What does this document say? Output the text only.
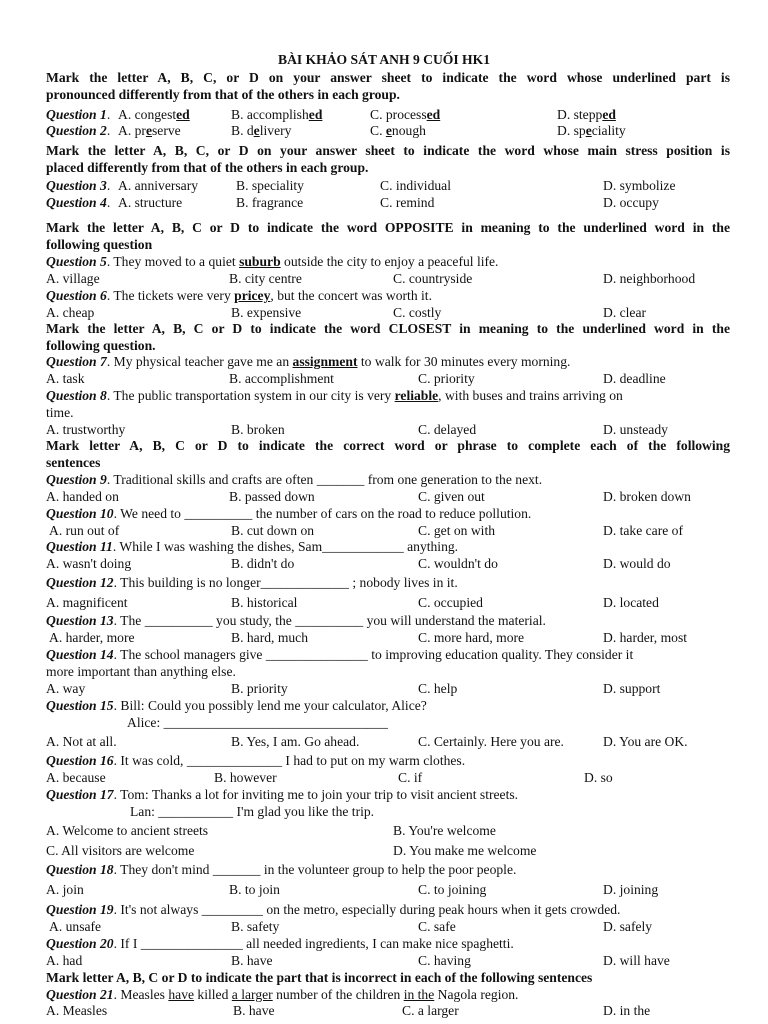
BÀI KHẢO SÁT ANH 9 CUỐI HK1
Mark the letter A, B, C, or D on your answer sheet to indicate the word whose underlined part is
pronounced differently from that of the others in each group.
Question 1. A. congested	B. accomplished	C. processed	D. stepped
Question 2. A. preserve	B. delivery	C. enough	D. speciality
Mark the letter A, B, C, or D on your answer sheet to indicate the word whose main stress position is
placed differently from that of the others in each group.
Question 3. A. anniversary	B. speciality	C. individual	D. symbolize
Question 4. A. structure	B. fragrance	C. remind	D. occupy
Mark the letter A, B, C or D to indicate the word OPPOSITE in meaning to the underlined word in the
following question
Question 5. They moved to a quiet suburb outside the city to enjoy a peaceful life.
A. village	B. city centre	C. countryside	D. neighborhood
Question 6. The tickets were very pricey, but the concert was worth it.
A. cheap	B. expensive	C. costly	D. clear
Mark the letter A, B, C or D to indicate the word CLOSEST in meaning to the underlined word in the
following question.
Question 7. My physical teacher gave me an assignment to walk for 30 minutes every morning.
A. task	B. accomplishment	C. priority	D. deadline
Question 8. The public transportation system in our city is very reliable, with buses and trains arriving on
time.
A. trustworthy	B. broken	C. delayed	D. unsteady
Mark letter A, B, C or D to indicate the correct word or phrase to complete each of the following
sentences
Question 9. Traditional skills and crafts are often _______ from one generation to the next.
A. handed on	B. passed down	C. given out	D. broken down
Question 10. We need to __________ the number of cars on the road to reduce pollution.
A. run out of	B. cut down on	C. get on with	D. take care of
Question 11. While I was washing the dishes, Sam____________ anything.
A. wasn't doing	B. didn't do	C. wouldn't do	D. would do
Question 12. This building is no longer_____________ ; nobody lives in it.
A. magnificent	B. historical	C. occupied	D. located
Question 13. The __________ you study, the __________ you will understand the material.
A. harder, more	B. hard, much	C. more hard, more	D. harder, most
Question 14. The school managers give _______________ to improving education quality. They consider it
more important than anything else.
A. way	B. priority	C. help	D. support
Question 15. Bill: Could you possibly lend me your calculator, Alice?
Alice: _________________________________
A. Not at all.	B. Yes, I am. Go ahead.	C. Certainly. Here you are.	D. You are OK.
Question 16. It was cold, ______________ I had to put on my warm clothes.
A. because	B. however	C. if	D. so
Question 17. Tom: Thanks a lot for inviting me to join your trip to visit ancient streets.
Lan: ___________ I'm glad you like the trip.
A. Welcome to ancient streets	B. You're welcome
C. All visitors are welcome	D. You make me welcome
Question 18. They don't mind _______ in the volunteer group to help the poor people.
A. join	B. to join	C. to joining	D. joining
Question 19. It's not always _________ on the metro, especially during peak hours when it gets crowded.
A. unsafe	B. safety	C. safe	D. safely
Question 20. If I _______________ all needed ingredients, I can make nice spaghetti.
A. had	B. have	C. having	D. will have
Mark letter A, B, C or D to indicate the part that is incorrect in each of the following sentences
Question 21. Measles have killed a larger number of the children in the Nagola region.
A. Measles	B. have	C. a larger	D. in the
